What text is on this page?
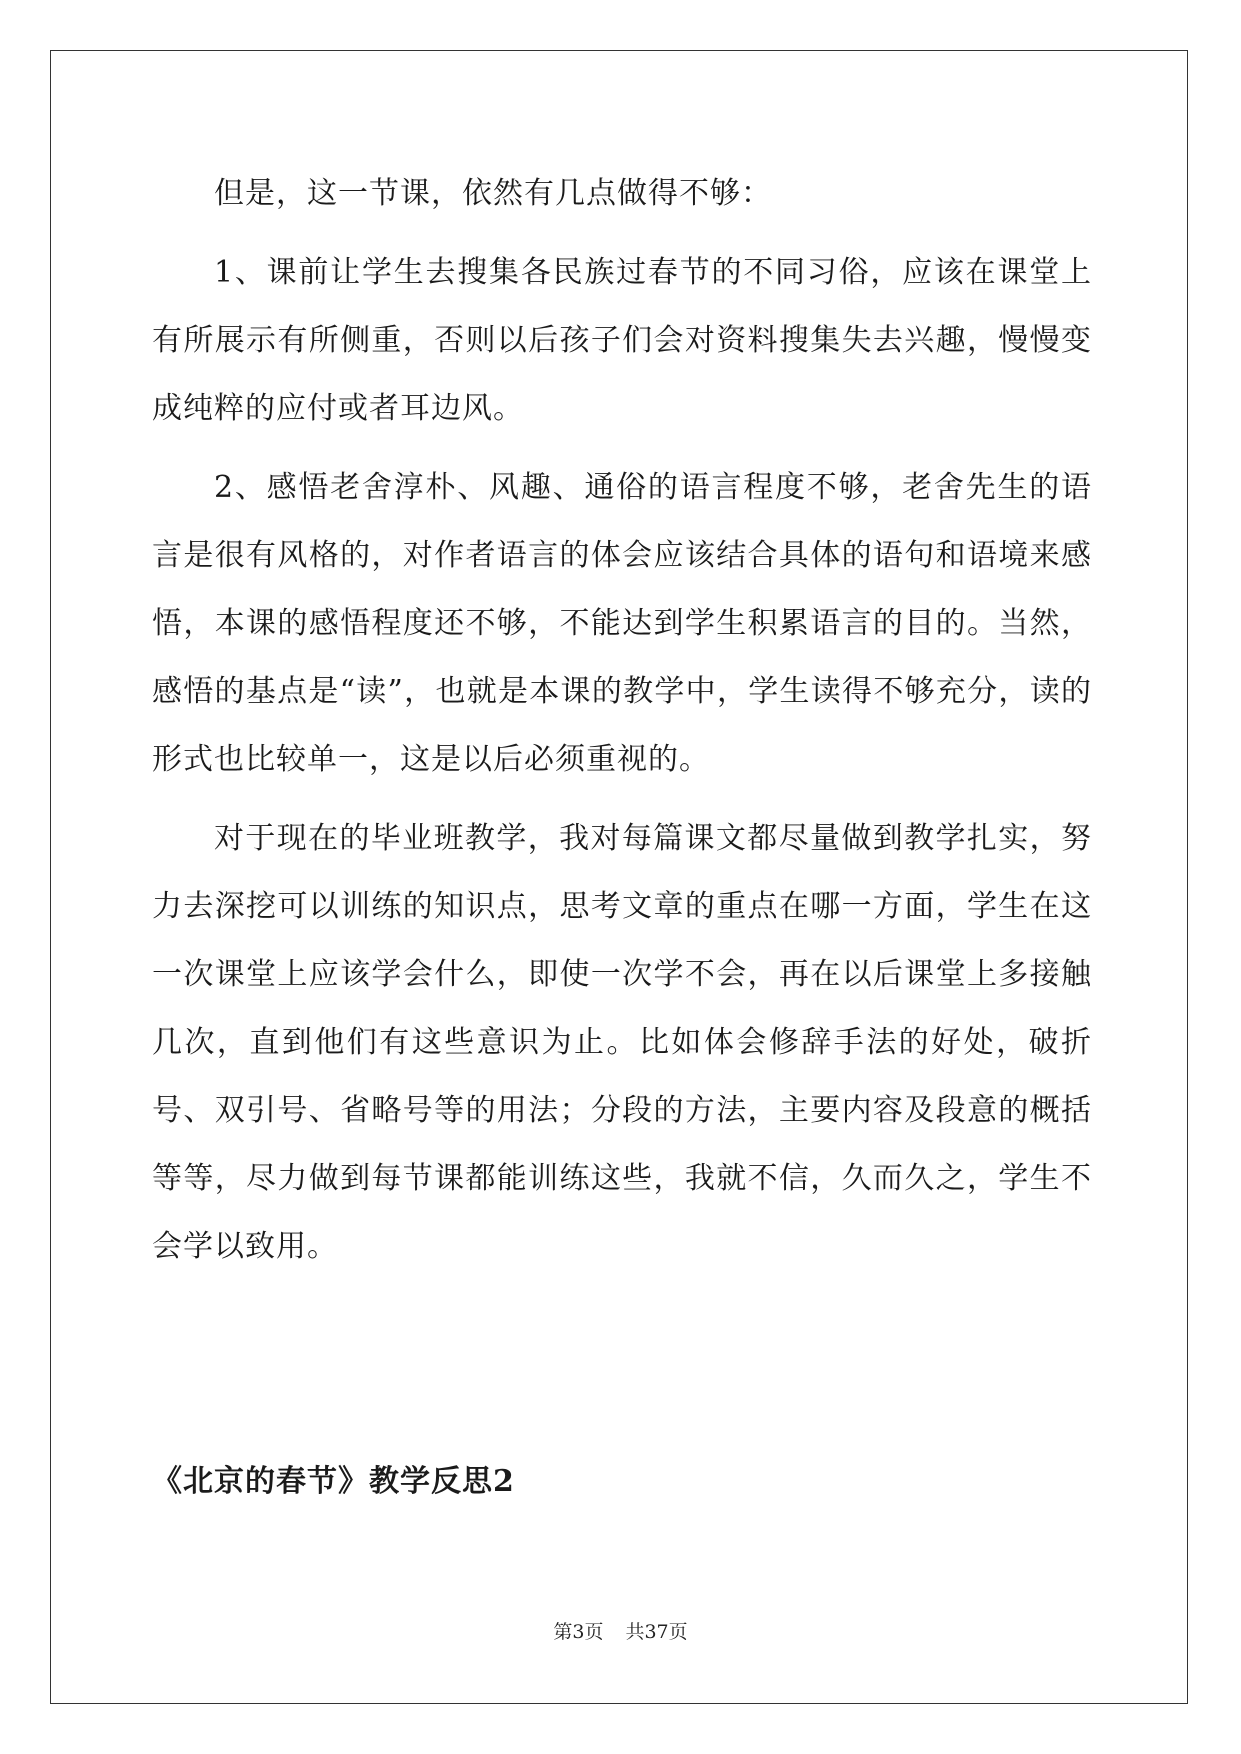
但是，这一节课，依然有几点做得不够：

1、课前让学生去搜集各民族过春节的不同习俗，应该在课堂上有所展示有所侧重，否则以后孩子们会对资料搜集失去兴趣，慢慢变成纯粹的应付或者耳边风。

2、感悟老舍淳朴、风趣、通俗的语言程度不够，老舍先生的语言是很有风格的，对作者语言的体会应该结合具体的语句和语境来感悟，本课的感悟程度还不够，不能达到学生积累语言的目的。当然，感悟的基点是“读”，也就是本课的教学中，学生读得不够充分，读的形式也比较单一，这是以后必须重视的。

对于现在的毕业班教学，我对每篇课文都尽量做到教学扎实，努力去深挖可以训练的知识点，思考文章的重点在哪一方面，学生在这一次课堂上应该学会什么，即使一次学不会，再在以后课堂上多接触几次，直到他们有这些意识为止。比如体会修辞手法的好处，破折号、双引号、省略号等的用法；分段的方法，主要内容及段意的概括等等，尽力做到每节课都能训练这些，我就不信，久而久之，学生不会学以致用。

《北京的春节》教学反思2
第3页 共37页
